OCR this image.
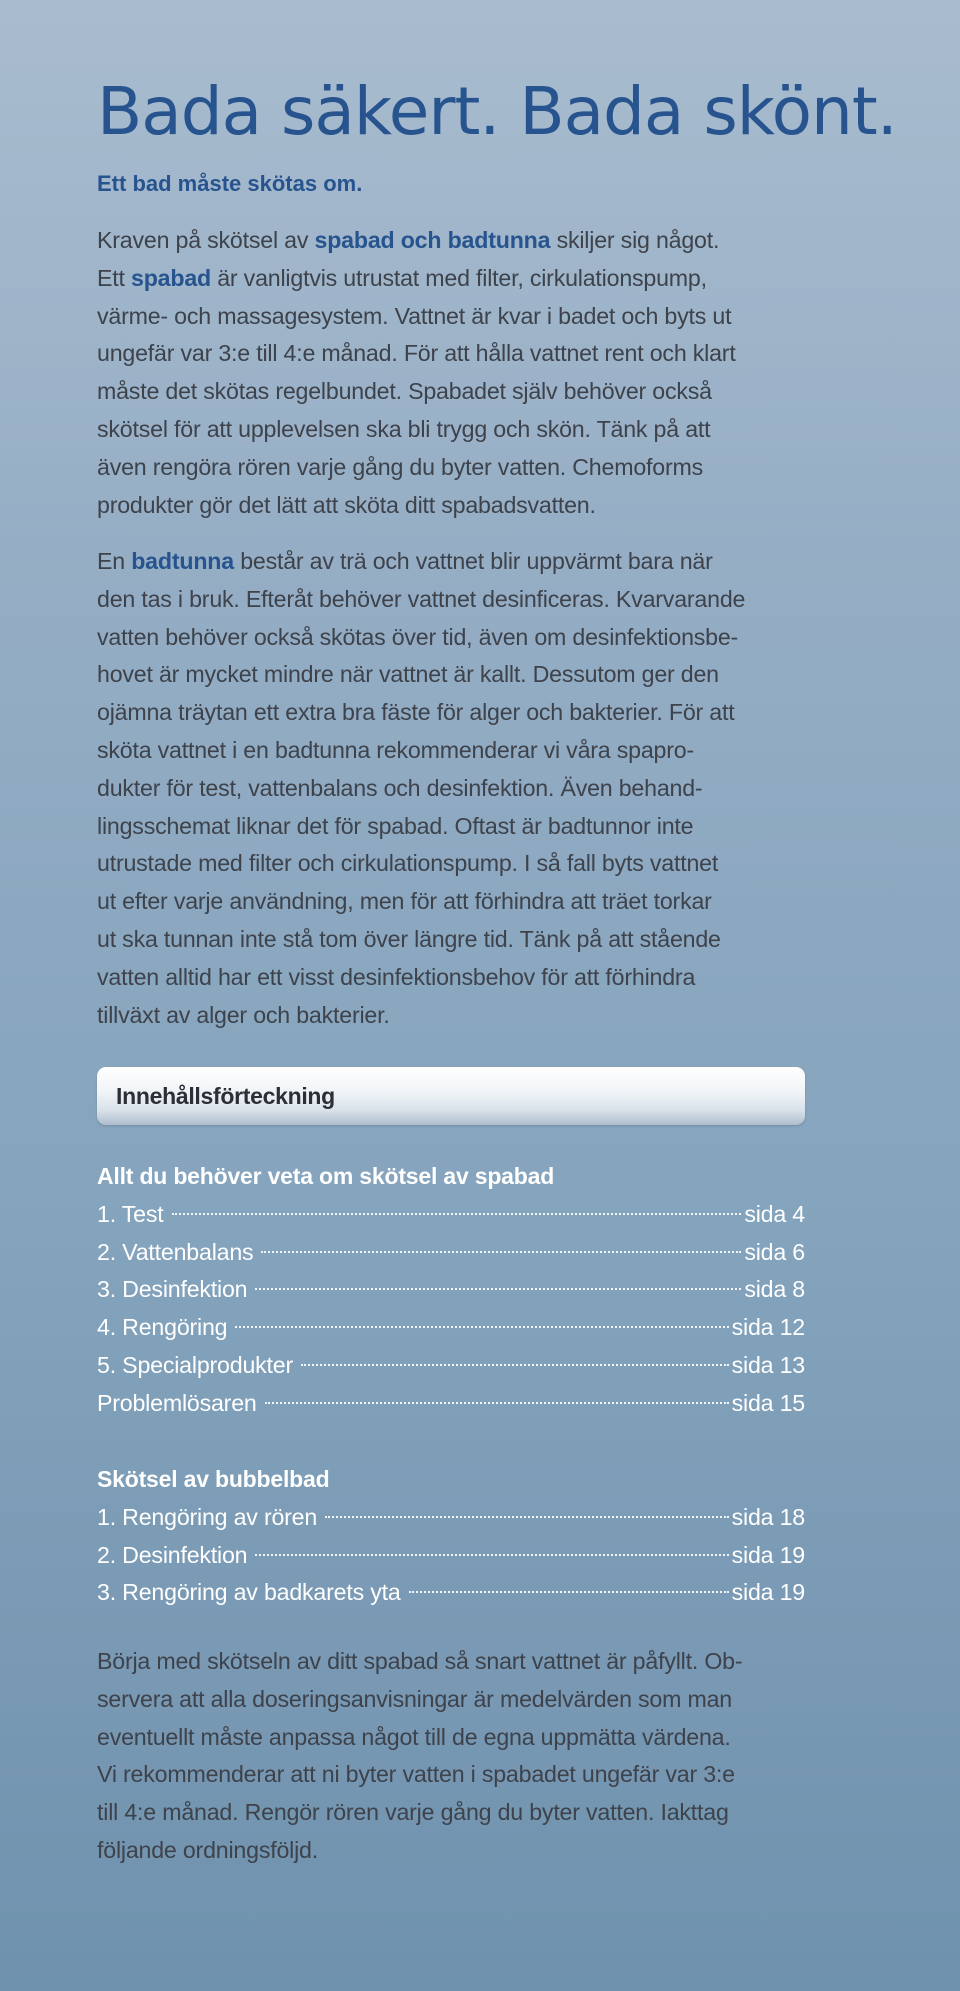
Bada säkert. Bada skönt.
Ett bad måste skötas om.
Kraven på skötsel av spabad och badtunna skiljer sig något.
Ett spabad är vanligtvis utrustat med filter, cirkulationspump,
värme- och massagesystem. Vattnet är kvar i badet och byts ut
ungefär var 3:e till 4:e månad. För att hålla vattnet rent och klart
måste det skötas regelbundet. Spabadet själv behöver också
skötsel för att upplevelsen ska bli trygg och skön. Tänk på att
även rengöra rören varje gång du byter vatten. Chemoforms
produkter gör det lätt att sköta ditt spabadsvatten.
En badtunna består av trä och vattnet blir uppvärmt bara när
den tas i bruk. Efteråt behöver vattnet desinficeras. Kvarvarande
vatten behöver också skötas över tid, även om desinfektionsbe-
hovet är mycket mindre när vattnet är kallt. Dessutom ger den
ojämna träytan ett extra bra fäste för alger och bakterier. För att
sköta vattnet i en badtunna rekommenderar vi våra spapro-
dukter för test, vattenbalans och desinfektion. Även behand-
lingsschemat liknar det för spabad. Oftast är badtunnor inte
utrustade med filter och cirkulationspump. I så fall byts vattnet
ut efter varje användning, men för att förhindra att träet torkar
ut ska tunnan inte stå tom över längre tid. Tänk på att stående
vatten alltid har ett visst desinfektionsbehov för att förhindra
tillväxt av alger och bakterier.
Innehållsförteckning

Allt du behöver veta om skötsel av spabad

1. Test	sida 4
2. Vattenbalans	sida 6
3. Desinfektion	sida 8
4. Rengöring	sida 12
5. Specialprodukter	sida 13
Problemlösaren	sida 15

Skötsel av bubbelbad

1. Rengöring av rören	sida 18
2. Desinfektion	sida 19
3. Rengöring av badkarets yta	sida 19
Börja med skötseln av ditt spabad så snart vattnet är påfyllt. Ob-
servera att alla doseringsanvisningar är medelvärden som man
eventuellt måste anpassa något till de egna uppmätta värdena.
Vi rekommenderar att ni byter vatten i spabadet ungefär var 3:e
till 4:e månad. Rengör rören varje gång du byter vatten. Iakttag
följande ordningsföljd.
